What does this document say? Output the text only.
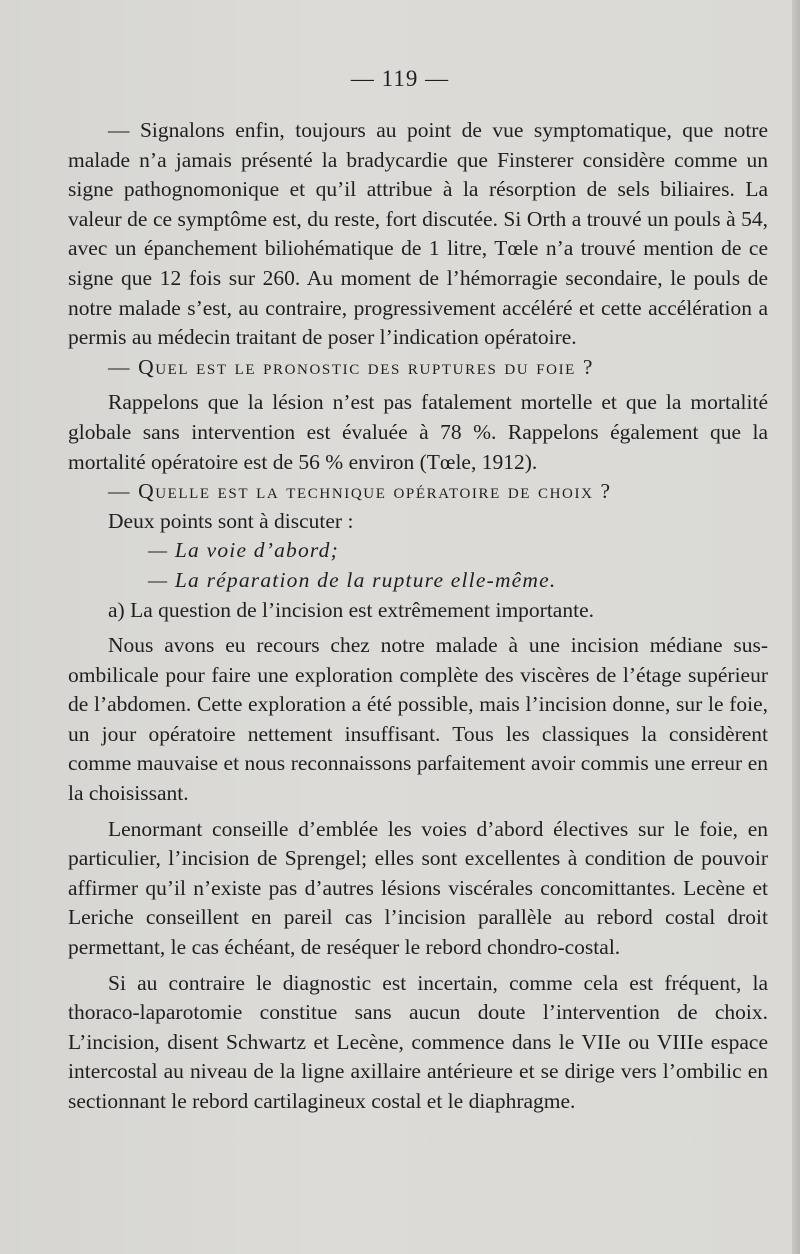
— 119 —

— Signalons enfin, toujours au point de vue symptomatique, que notre malade n’a jamais présenté la bradycardie que Finsterer considère comme un signe pathognomonique et qu’il attribue à la résorption de sels biliaires. La valeur de ce symptôme est, du reste, fort discutée. Si Orth a trouvé un pouls à 54, avec un épanchement biliohématique de 1 litre, Tœle n’a trouvé mention de ce signe que 12 fois sur 260. Au moment de l’hémorragie secondaire, le pouls de notre malade s’est, au contraire, progressivement accéléré et cette accélération a permis au médecin traitant de poser l’indication opératoire.

— Quel est le pronostic des ruptures du foie ?

Rappelons que la lésion n’est pas fatalement mortelle et que la mortalité globale sans intervention est évaluée à 78 %. Rappelons également que la mortalité opératoire est de 56 % environ (Tœle, 1912).

— Quelle est la technique opératoire de choix ?

Deux points sont à discuter :

— La voie d’abord;

— La réparation de la rupture elle-même.

a) La question de l’incision est extrêmement importante.

Nous avons eu recours chez notre malade à une incision médiane sus-ombilicale pour faire une exploration complète des viscères de l’étage supérieur de l’abdomen. Cette exploration a été possible, mais l’incision donne, sur le foie, un jour opératoire nettement insuffisant. Tous les classiques la considèrent comme mauvaise et nous reconnaissons parfaitement avoir commis une erreur en la choisissant.

Lenormant conseille d’emblée les voies d’abord électives sur le foie, en particulier, l’incision de Sprengel; elles sont excellentes à condition de pouvoir affirmer qu’il n’existe pas d’autres lésions viscérales concomittantes. Lecène et Leriche conseillent en pareil cas l’incision parallèle au rebord costal droit permettant, le cas échéant, de reséquer le rebord chondro-costal.

Si au contraire le diagnostic est incertain, comme cela est fréquent, la thoraco-laparotomie constitue sans aucun doute l’intervention de choix. L’incision, disent Schwartz et Lecène, commence dans le VIIe ou VIIIe espace intercostal au niveau de la ligne axillaire antérieure et se dirige vers l’ombilic en sectionnant le rebord cartilagineux costal et le diaphragme.
